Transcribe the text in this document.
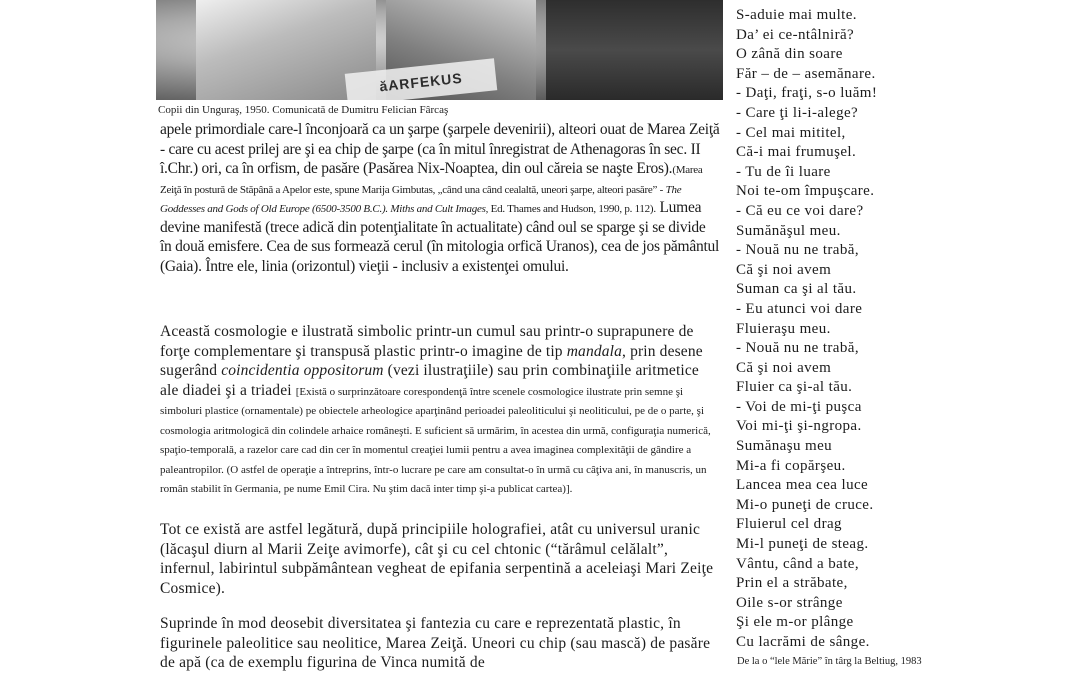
ăARFEKUS
Copii din Unguraş, 1950. Comunicată de Dumitru Felician Fârcaş
apele primordiale care-l înconjoară ca un şarpe (şarpele devenirii), alteori ouat de Marea Zeiţă - care cu acest prilej are şi ea chip de şarpe (ca în mitul înregistrat de Athenagoras în sec. II î.Chr.) ori, ca în orfism, de pasăre (Pasărea Nix-Noaptea, din oul căreia se naşte Eros).(Marea Zeiţă în postură de Stăpână a Apelor este, spune Marija Gimbutas, „când una când cealaltă, uneori şarpe, alteori pasăre” - The Goddesses and Gods of Old Europe (6500-3500 B.C.). Miths and Cult Images, Ed. Thames and Hudson, 1990, p. 112). Lumea devine manifestă (trece adică din potenţialitate în actualitate) când oul se sparge şi se divide în două emisfere. Cea de sus formează cerul (în mitologia orfică Uranos), cea de jos pământul (Gaia). Între ele, linia (orizontul) vieţii - inclusiv a existenţei omului.
Această cosmologie e ilustrată simbolic printr-un cumul sau printr-o suprapunere de forţe complementare şi transpusă plastic printr-o imagine de tip mandala, prin desene sugerând coincidentia oppositorum (vezi ilustraţiile) sau prin combinaţiile aritmetice ale diadei şi a triadei [Există o surprinzătoare corespondenţă între scenele cosmologice ilustrate prin semne şi simboluri plastice (ornamentale) pe obiectele arheologice aparţinând perioadei paleoliticului şi neoliticului, pe de o parte, şi cosmologia aritmologică din colindele arhaice româneşti. E suficient să urmărim, în acestea din urmă, configuraţia numerică, spaţio-temporală, a razelor care cad din cer în momentul creaţiei lumii pentru a avea imaginea complexităţii de gândire a paleantropilor. (O astfel de operaţie a întreprins, într-o lucrare pe care am consultat-o în urmă cu câţiva ani, în manuscris, un român stabilit în Germania, pe nume Emil Cira. Nu ştim dacă inter timp şi-a publicat cartea)].
Tot ce există are astfel legătură, după principiile holografiei, atât cu universul uranic (lăcaşul diurn al Marii Zeiţe avimorfe), cât şi cu cel chtonic (“tărâmul celălalt”, infernul, labirintul subpământean vegheat de epifania serpentină a aceleiaşi Mari Zeiţe Cosmice).
Suprinde în mod deosebit diversitatea şi fantezia cu care e reprezentată plastic, în figurinele paleolitice sau neolitice, Marea Zeiţă. Uneori cu chip (sau mască) de pasăre de apă (ca de exemplu figurina de Vinca numită de
S-aduie mai multe.
Da’ ei ce-ntâlniră?
O zână din soare
Făr – de – asemănare.
- Daţi, fraţi, s-o luăm!
- Care ţi li-i-alege?
- Cel mai mititel,
Că-i mai frumuşel.
- Tu de îi luare
Noi te-om împuşcare.
- Că eu ce voi dare?
Sumănăşul meu.
- Nouă nu ne trabă,
Că şi noi avem
Suman ca şi al tău.
- Eu atunci voi dare
Fluieraşu meu.
- Nouă nu ne trabă,
Că şi noi avem
Fluier ca şi-al tău.
- Voi de mi-ţi puşca
Voi mi-ţi şi-ngropa.
Sumănaşu meu
Mi-a fi copărşeu.
Lancea mea cea luce
Mi-o puneţi de cruce.
Fluierul cel drag
Mi-l puneţi de steag.
Vântu, când a bate,
Prin el a străbate,
Oile s-or strânge
Şi ele m-or plânge
Cu lacrămi de sânge.
De la o “lele Mărie” în târg la Beltiug, 1983
